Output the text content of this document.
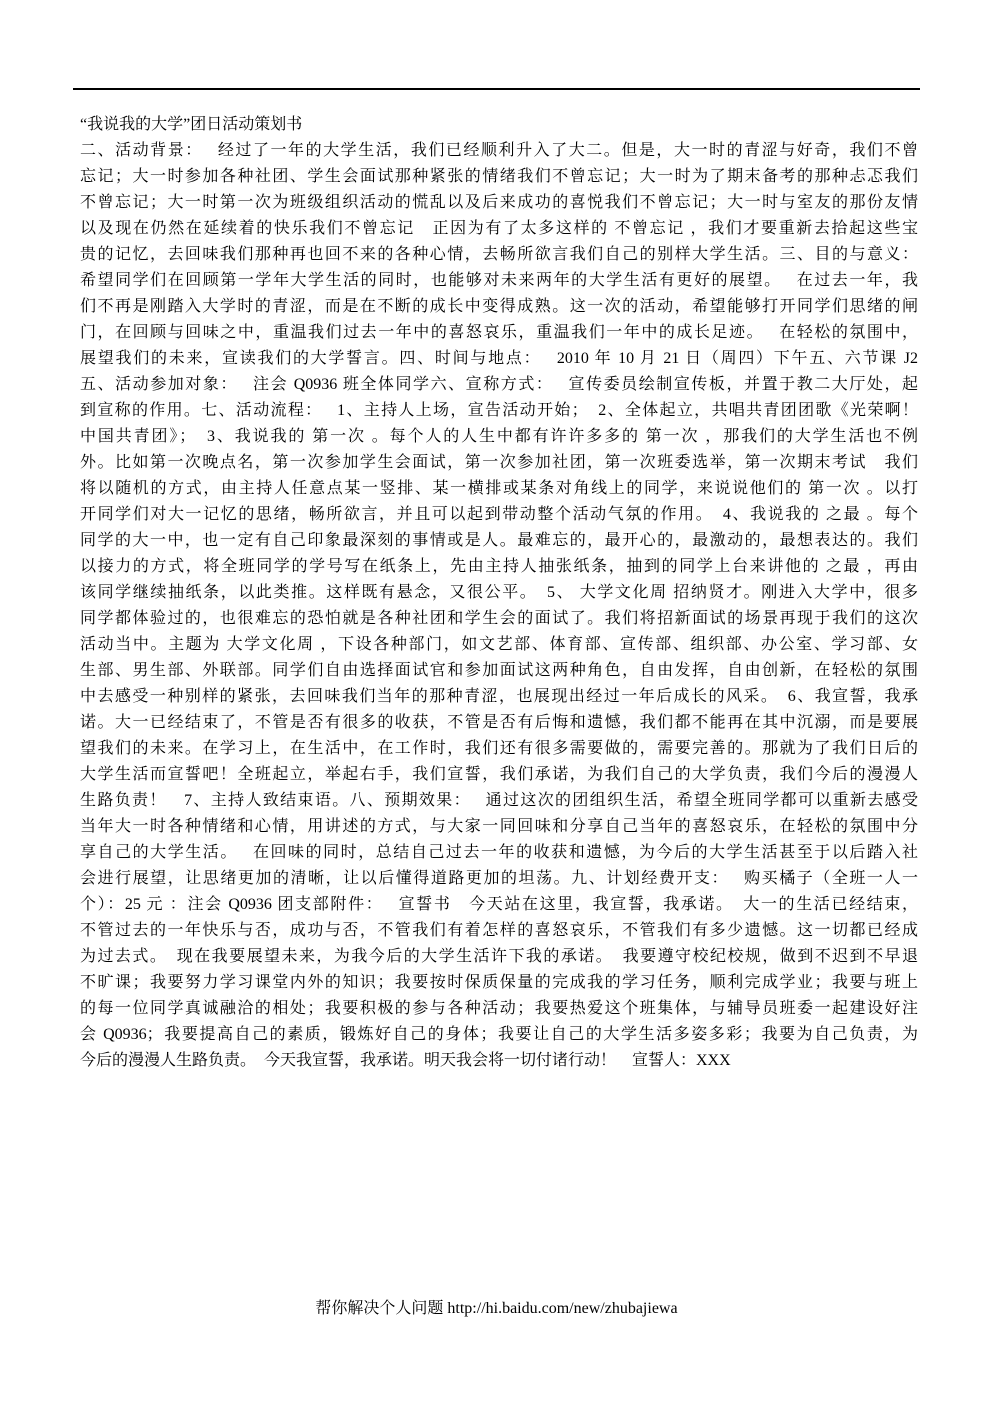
“我说我的大学”团日活动策划书
二、活动背景：　 经过了一年的大学生活，我们已经顺利升入了大二。但是，大一时的青涩与好奇，我们不曾
忘记；大一时参加各种社团、学生会面试那种紧张的情绪我们不曾忘记；大一时为了期末备考的那种忐忑我们
不曾忘记；大一时第一次为班级组织活动的慌乱以及后来成功的喜悦我们不曾忘记；大一时与室友的那份友情
以及现在仍然在延续着的快乐我们不曾忘记　正因为有了太多这样的 不曾忘记 ，我们才要重新去拾起这些宝
贵的记忆，去回味我们那种再也回不来的各种心情，去畅所欲言我们自己的别样大学生活。三、目的与意义：
希望同学们在回顾第一学年大学生活的同时，也能够对未来两年的大学生活有更好的展望。　 在过去一年，我
们不再是刚踏入大学时的青涩，而是在不断的成长中变得成熟。这一次的活动，希望能够打开同学们思绪的闸
门，在回顾与回味之中，重温我们过去一年中的喜怒哀乐，重温我们一年中的成长足迹。　 在轻松的氛围中，
展望我们的未来，宣读我们的大学誓言。四、时间与地点：　 2010 年 10 月 21 日（周四）下午五、六节课 J2
五、活动参加对象：　 注会 Q0936 班全体同学六、宣称方式：　 宣传委员绘制宣传板，并置于教二大厅处，起
到宣称的作用。七、活动流程：　 1、主持人上场，宣告活动开始；　2、全体起立，共唱共青团团歌《光荣啊！
中国共青团》；　3、我说我的 第一次 。每个人的人生中都有许许多多的 第一次 ，那我们的大学生活也不例
外。比如第一次晚点名，第一次参加学生会面试，第一次参加社团，第一次班委选举，第一次期末考试　我们
将以随机的方式，由主持人任意点某一竖排、某一横排或某条对角线上的同学，来说说他们的 第一次 。以打
开同学们对大一记忆的思绪，畅所欲言，并且可以起到带动整个活动气氛的作用。　4、我说我的 之最 。每个
同学的大一中，也一定有自己印象最深刻的事情或是人。最难忘的，最开心的，最激动的，最想表达的。我们
以接力的方式，将全班同学的学号写在纸条上，先由主持人抽张纸条，抽到的同学上台来讲他的 之最 ，再由
该同学继续抽纸条，以此类推。这样既有悬念，又很公平。　5、 大学文化周 招纳贤才。刚进入大学中，很多
同学都体验过的，也很难忘的恐怕就是各种社团和学生会的面试了。我们将招新面试的场景再现于我们的这次
活动当中。主题为 大学文化周 ，下设各种部门，如文艺部、体育部、宣传部、组织部、办公室、学习部、女
生部、男生部、外联部。同学们自由选择面试官和参加面试这两种角色，自由发挥，自由创新，在轻松的氛围
中去感受一种别样的紧张，去回味我们当年的那种青涩，也展现出经过一年后成长的风采。　6、我宣誓，我承
诺。大一已经结束了，不管是否有很多的收获，不管是否有后悔和遗憾，我们都不能再在其中沉溺，而是要展
望我们的未来。在学习上，在生活中，在工作时，我们还有很多需要做的，需要完善的。那就为了我们日后的
大学生活而宣誓吧！全班起立，举起右手，我们宣誓，我们承诺，为我们自己的大学负责，我们今后的漫漫人
生路负责！　7、主持人致结束语。八、预期效果：　 通过这次的团组织生活，希望全班同学都可以重新去感受
当年大一时各种情绪和心情，用讲述的方式，与大家一同回味和分享自己当年的喜怒哀乐，在轻松的氛围中分
享自己的大学生活。　 在回味的同时，总结自己过去一年的收获和遗憾，为今后的大学生活甚至于以后踏入社
会进行展望，让思绪更加的清晰，让以后懂得道路更加的坦荡。九、计划经费开支：　 购买橘子（全班一人一
个）：25 元 ：注会 Q0936 团支部附件：　 宣誓书　今天站在这里，我宣誓，我承诺。　大一的生活已经结束，
不管过去的一年快乐与否，成功与否，不管我们有着怎样的喜怒哀乐，不管我们有多少遗憾。这一切都已经成
为过去式。　现在我要展望未来，为我今后的大学生活许下我的承诺。　我要遵守校纪校规，做到不迟到不早退
不旷课；我要努力学习课堂内外的知识；我要按时保质保量的完成我的学习任务，顺利完成学业；我要与班上
的每一位同学真诚融洽的相处；我要积极的参与各种活动；我要热爱这个班集体，与辅导员班委一起建设好注
会 Q0936；我要提高自己的素质，锻炼好自己的身体；我要让自己的大学生活多姿多彩；我要为自己负责，为
今后的漫漫人生路负责。　今天我宣誓，我承诺。明天我会将一切付诸行动！　宣誓人：XXX
帮你解决个人问题 http://hi.baidu.com/new/zhubajiewa
